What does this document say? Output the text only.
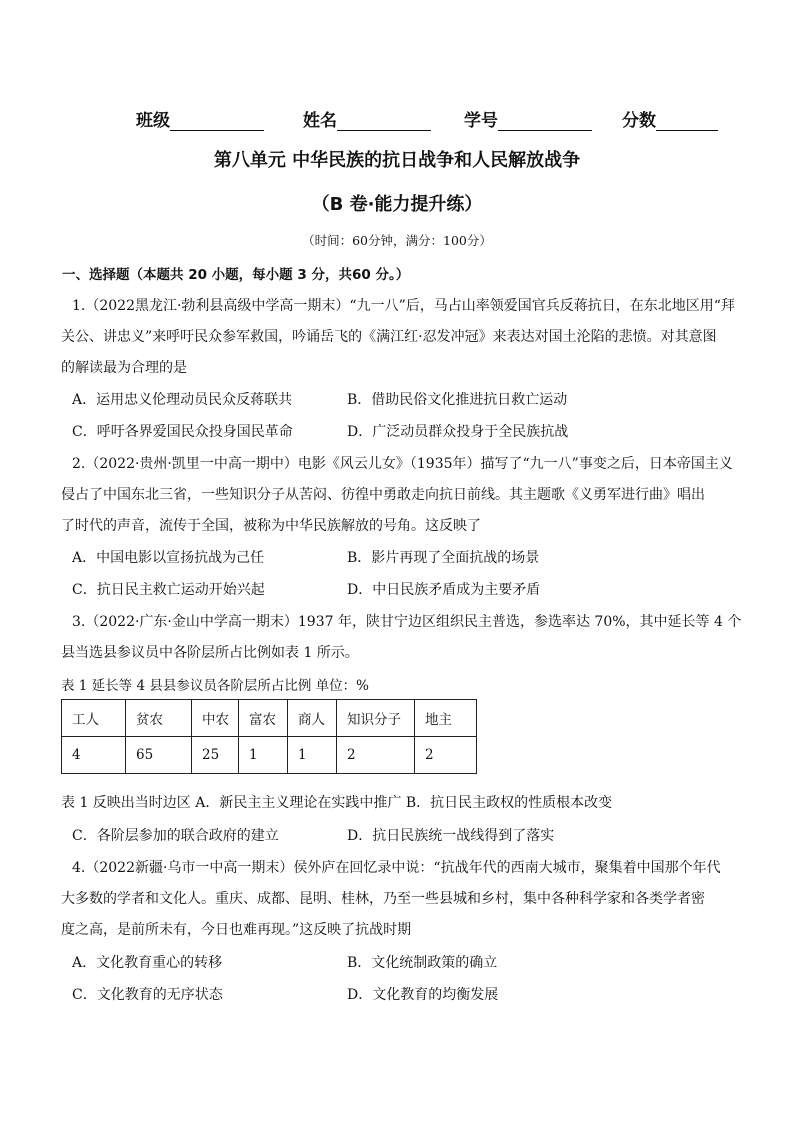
班级	姓名	学号	分数
第八单元 中华民族的抗日战争和人民解放战争
（B 卷·能力提升练）
（时间：60分钟，满分：100分）
一、选择题（本题共 20 小题，每小题 3 分，共60 分。）
1.（2022黑龙江·勃利县高级中学高一期末）“九一八”后，马占山率领爱国官兵反蒋抗日，在东北地区用“拜
关公、讲忠义”来呼吁民众参军救国，吟诵岳飞的《满江红·忍发冲冠》来表达对国土沦陷的悲愤。对其意图
的解读最为合理的是
A．运用忠义伦理动员民众反蒋联共	B．借助民俗文化推进抗日救亡运动
C．呼吁各界爱国民众投身国民革命	D．广泛动员群众投身于全民族抗战
2.（2022·贵州·凯里一中高一期中）电影《风云儿女》（1935年）描写了“九一八”事变之后，日本帝国主义
侵占了中国东北三省，一些知识分子从苦闷、彷徨中勇敢走向抗日前线。其主题歌《义勇军进行曲》唱出
了时代的声音，流传于全国，被称为中华民族解放的号角。这反映了
A．中国电影以宣扬抗战为己任	B．影片再现了全面抗战的场景
C．抗日民主救亡运动开始兴起	D．中日民族矛盾成为主要矛盾
3.（2022·广东·金山中学高一期末）1937 年，陕甘宁边区组织民主普选，参选率达 70%，其中延长等 4 个
县当选县参议员中各阶层所占比例如表 1 所示。
表 1 延长等 4 县县参议员各阶层所占比例 单位：%
工人	贫农	中农	富农	商人	知识分子	地主
4	65	25	1	1	2	2
表 1 反映出当时边区 A．新民主主义理论在实践中推广 B．抗日民主政权的性质根本改变
C．各阶层参加的联合政府的建立	D．抗日民族统一战线得到了落实
4.（2022新疆·乌市一中高一期末）侯外庐在回忆录中说：“抗战年代的西南大城市，聚集着中国那个年代
大多数的学者和文化人。重庆、成都、昆明、桂林，乃至一些县城和乡村，集中各种科学家和各类学者密
度之高，是前所未有，今日也难再现。”这反映了抗战时期
A．文化教育重心的转移	B．文化统制政策的确立
C．文化教育的无序状态	D．文化教育的均衡发展
